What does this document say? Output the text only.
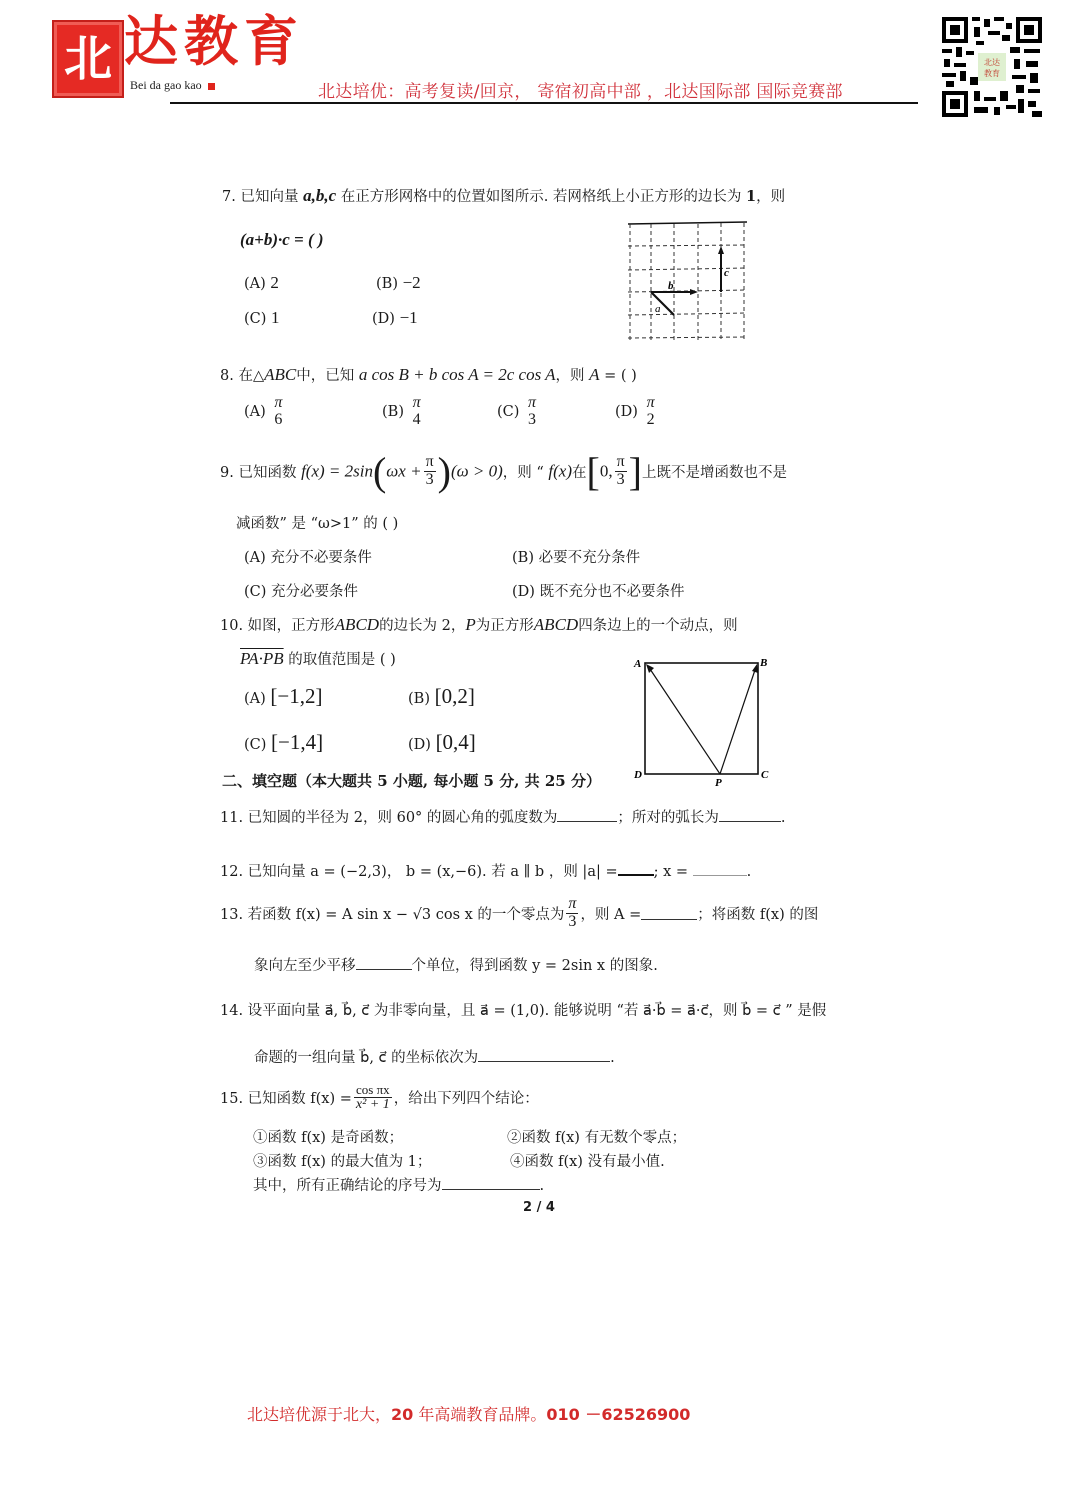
北 达教育
Bei da gao kao	北达培优：高考复读/回京， 寄宿初高中部 ，北达国际部 国际竞赛部
北达
教育
7. 已知向量 a,b,c 在正方形网格中的位置如图所示. 若网格纸上小正方形的边长为 1，则
(a+b)·c = ( )
(A) 2	(B) −2
(C) 1	(D) −1
b
a
c
8. 在△ABC中，已知 a cos B + b cos A = 2c cos A，则 A = ( )
(A)
π
6	(B)
π
4	(C)
π
3	(D)
π
2
9. 已知函数 $f(x) = 2\sin(\omega x + \frac{\pi}{3} )(\omega > 0)$，则 “ f(x)在[0, $\frac{\pi}{3}$ ]上既不是增函数也不是
减函数” 是 “ω>1” 的 ( )
(A) 充分不必要条件	(B) 必要不充分条件
(C) 充分必要条件	(D) 既不充分也不必要条件
10. 如图，正方形ABCD的边长为 2，P为正方形ABCD四条边上的一个动点，则
PA·PB 的取值范围是 ( )
(A) [−1,2]	(B) [0,2]
(C) [−1,4]	(D) [0,4]
A	B
C
D
P
二、填空题（本大题共 5 小题, 每小题 5 分, 共 25 分）
11. 已知圆的半径为 2，则 60° 的圆心角的弧度数为	；所对的弧长为	.
12. 已知向量 a = (−2,3)， b = (x,−6). 若 a ∥ b ，则 |a| = ; x =	.
13. 若函数 f(x) = A sin x − √3 cos x 的一个零点为 $\frac{\pi}{3}$ ，则 A =	；将函数 f(x) 的图
象向左至少平移	个单位，得到函数 y = 2sin x 的图象.
14. 设平面向量 a⃗, b⃗, c⃗ 为非零向量，且 a⃗ = (1,0). 能够说明 “若 a⃗·b⃗ = a⃗·c⃗，则 b⃗ = c⃗ ” 是假
命题的一组向量 b⃗, c⃗ 的坐标依次为	.
15. 已知函数 $f(x) = \frac{\text{cos πx}}{\text{x² + 1}}$ ，给出下列四个结论：
①函数 f(x) 是奇函数；	②函数 f(x) 有无数个零点；
③函数 f(x) 的最大值为 1；	④函数 f(x) 没有最小值.
其中，所有正确结论的序号为	.
2 / 4
北达培优源于北大，20 年高端教育品牌。010 －62526900
